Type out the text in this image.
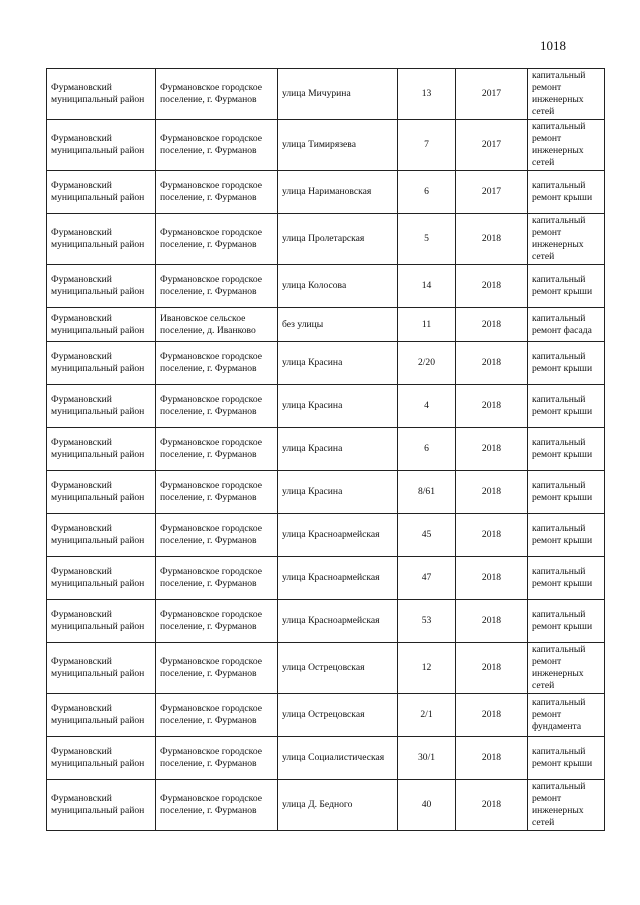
1018
Фурмановский муниципальный район	Фурмановское городское поселение, г. Фурманов	улица Мичурина	13	2017	капитальный ремонт инженерных сетей
Фурмановский муниципальный район	Фурмановское городское поселение, г. Фурманов	улица Тимирязева	7	2017	капитальный ремонт инженерных сетей
Фурмановский муниципальный район	Фурмановское городское поселение, г. Фурманов	улица Наримановская	6	2017	капитальный ремонт крыши
Фурмановский муниципальный район	Фурмановское городское поселение, г. Фурманов	улица Пролетарская	5	2018	капитальный ремонт инженерных сетей
Фурмановский муниципальный район	Фурмановское городское поселение, г. Фурманов	улица Колосова	14	2018	капитальный ремонт крыши
Фурмановский муниципальный район	Ивановское сельское поселение, д. Иванково	без улицы	11	2018	капитальный ремонт фасада
Фурмановский муниципальный район	Фурмановское городское поселение, г. Фурманов	улица Красина	2/20	2018	капитальный ремонт крыши
Фурмановский муниципальный район	Фурмановское городское поселение, г. Фурманов	улица Красина	4	2018	капитальный ремонт крыши
Фурмановский муниципальный район	Фурмановское городское поселение, г. Фурманов	улица Красина	6	2018	капитальный ремонт крыши
Фурмановский муниципальный район	Фурмановское городское поселение, г. Фурманов	улица Красина	8/61	2018	капитальный ремонт крыши
Фурмановский муниципальный район	Фурмановское городское поселение, г. Фурманов	улица Красноармейская	45	2018	капитальный ремонт крыши
Фурмановский муниципальный район	Фурмановское городское поселение, г. Фурманов	улица Красноармейская	47	2018	капитальный ремонт крыши
Фурмановский муниципальный район	Фурмановское городское поселение, г. Фурманов	улица Красноармейская	53	2018	капитальный ремонт крыши
Фурмановский муниципальный район	Фурмановское городское поселение, г. Фурманов	улица Острецовская	12	2018	капитальный ремонт инженерных сетей
Фурмановский муниципальный район	Фурмановское городское поселение, г. Фурманов	улица Острецовская	2/1	2018	капитальный ремонт фундамента
Фурмановский муниципальный район	Фурмановское городское поселение, г. Фурманов	улица Социалистическая	30/1	2018	капитальный ремонт крыши
Фурмановский муниципальный район	Фурмановское городское поселение, г. Фурманов	улица Д. Бедного	40	2018	капитальный ремонт инженерных сетей
